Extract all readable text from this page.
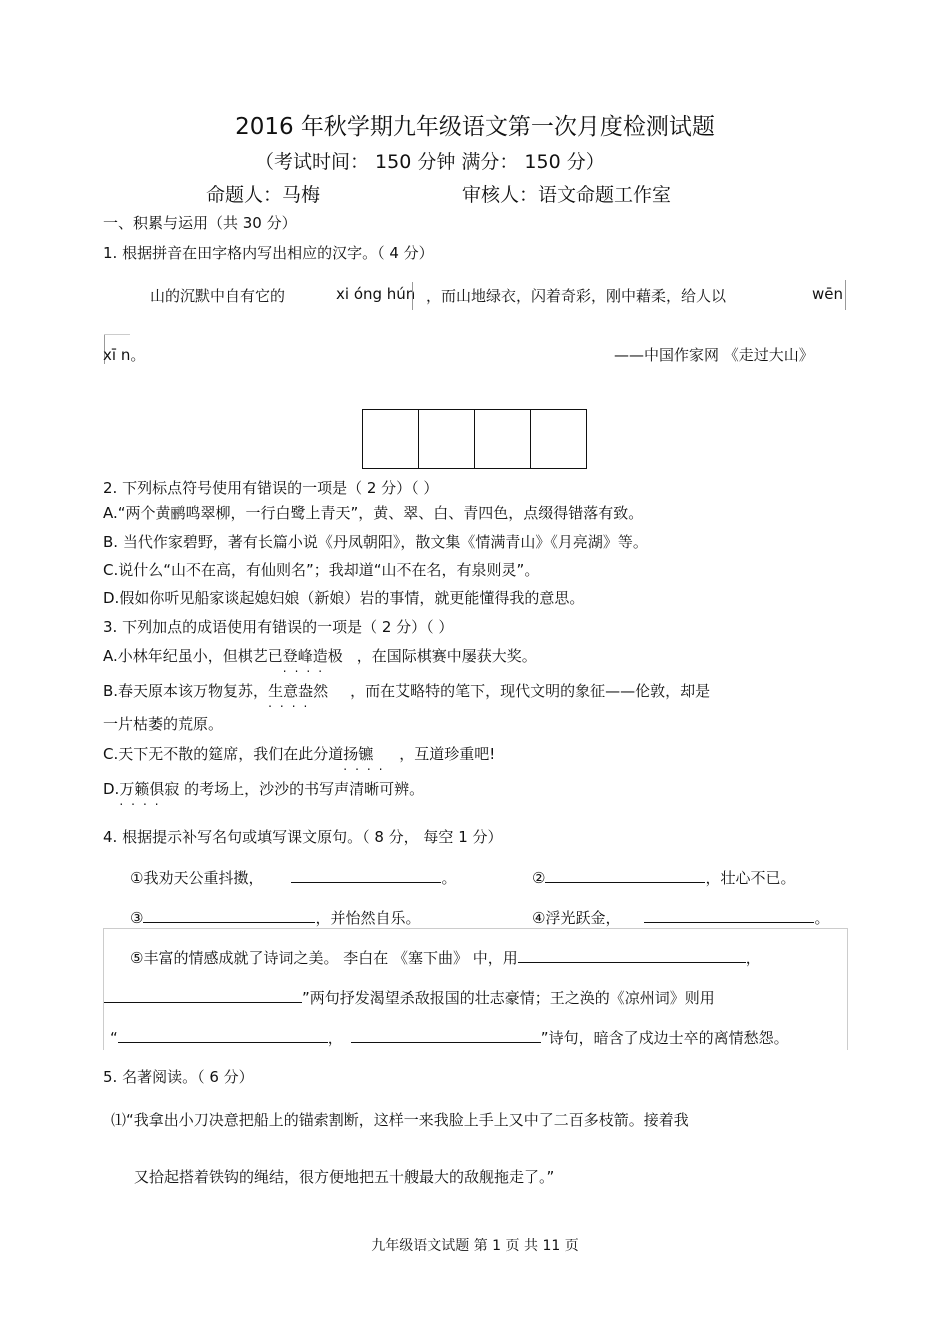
2016 年秋学期九年级语文第一次月度检测试题
（考试时间： 150 分钟 满分： 150 分）
命题人：马梅	审核人：语文命题工作室
一、积累与运用（共 30 分）
1. 根据拼音在田字格内写出相应的汉字。（ 4 分）
山的沉默中自有它的	xi óng hún ，而山地绿衣，闪着奇彩，刚中藉柔，给人以	wēn
xī n。	——中国作家网 《走过大山》
2. 下列标点符号使用有错误的一项是（ 2 分）（ ）
A.“两个黄鹂鸣翠柳，一行白鹭上青天”，黄、翠、白、青四色，点缀得错落有致。
B. 当代作家碧野，著有长篇小说《丹凤朝阳》，散文集《情满青山》《月亮湖》等。
C.说什么“山不在高，有仙则名”；我却道“山不在名，有泉则灵”。
D.假如你听见船家谈起媳妇娘（新娘）岩的事情，就更能懂得我的意思。
3. 下列加点的成语使用有错误的一项是（ 2 分）（ ）
A.小林年纪虽小，但棋艺已登峰造极
....
，在国际棋赛中屡获大奖。
B.春天原本该万物复苏，生意盎然
....
，而在艾略特的笔下，现代文明的象征——伦敦，却是
一片枯萎的荒原。
C.天下无不散的筵席，我们在此分道扬镳
....
，互道珍重吧!
D.万籁俱寂
....
的考场上，沙沙的书写声清晰可辨。
4. 根据提示补写名句或填写课文原句。（ 8 分， 每空 1 分）
①我劝天公重抖擞，	。	②	，壮心不已。
③	，并怡然自乐。	④浮光跃金，	。
⑤丰富的情感成就了诗词之美。 李白在 《塞下曲》 中，用	，
”两句抒发渴望杀敌报国的壮志豪情；王之涣的《凉州词》则用
“	，	”诗句，暗含了戍边士卒的离情愁怨。
5. 名著阅读。（ 6 分）
⑴“我拿出小刀决意把船上的锚索割断，这样一来我脸上手上又中了二百多枝箭。接着我
又拾起搭着铁钩的绳结，很方便地把五十艘最大的敌舰拖走了。”
九年级语文试题 第 1 页 共 11 页
